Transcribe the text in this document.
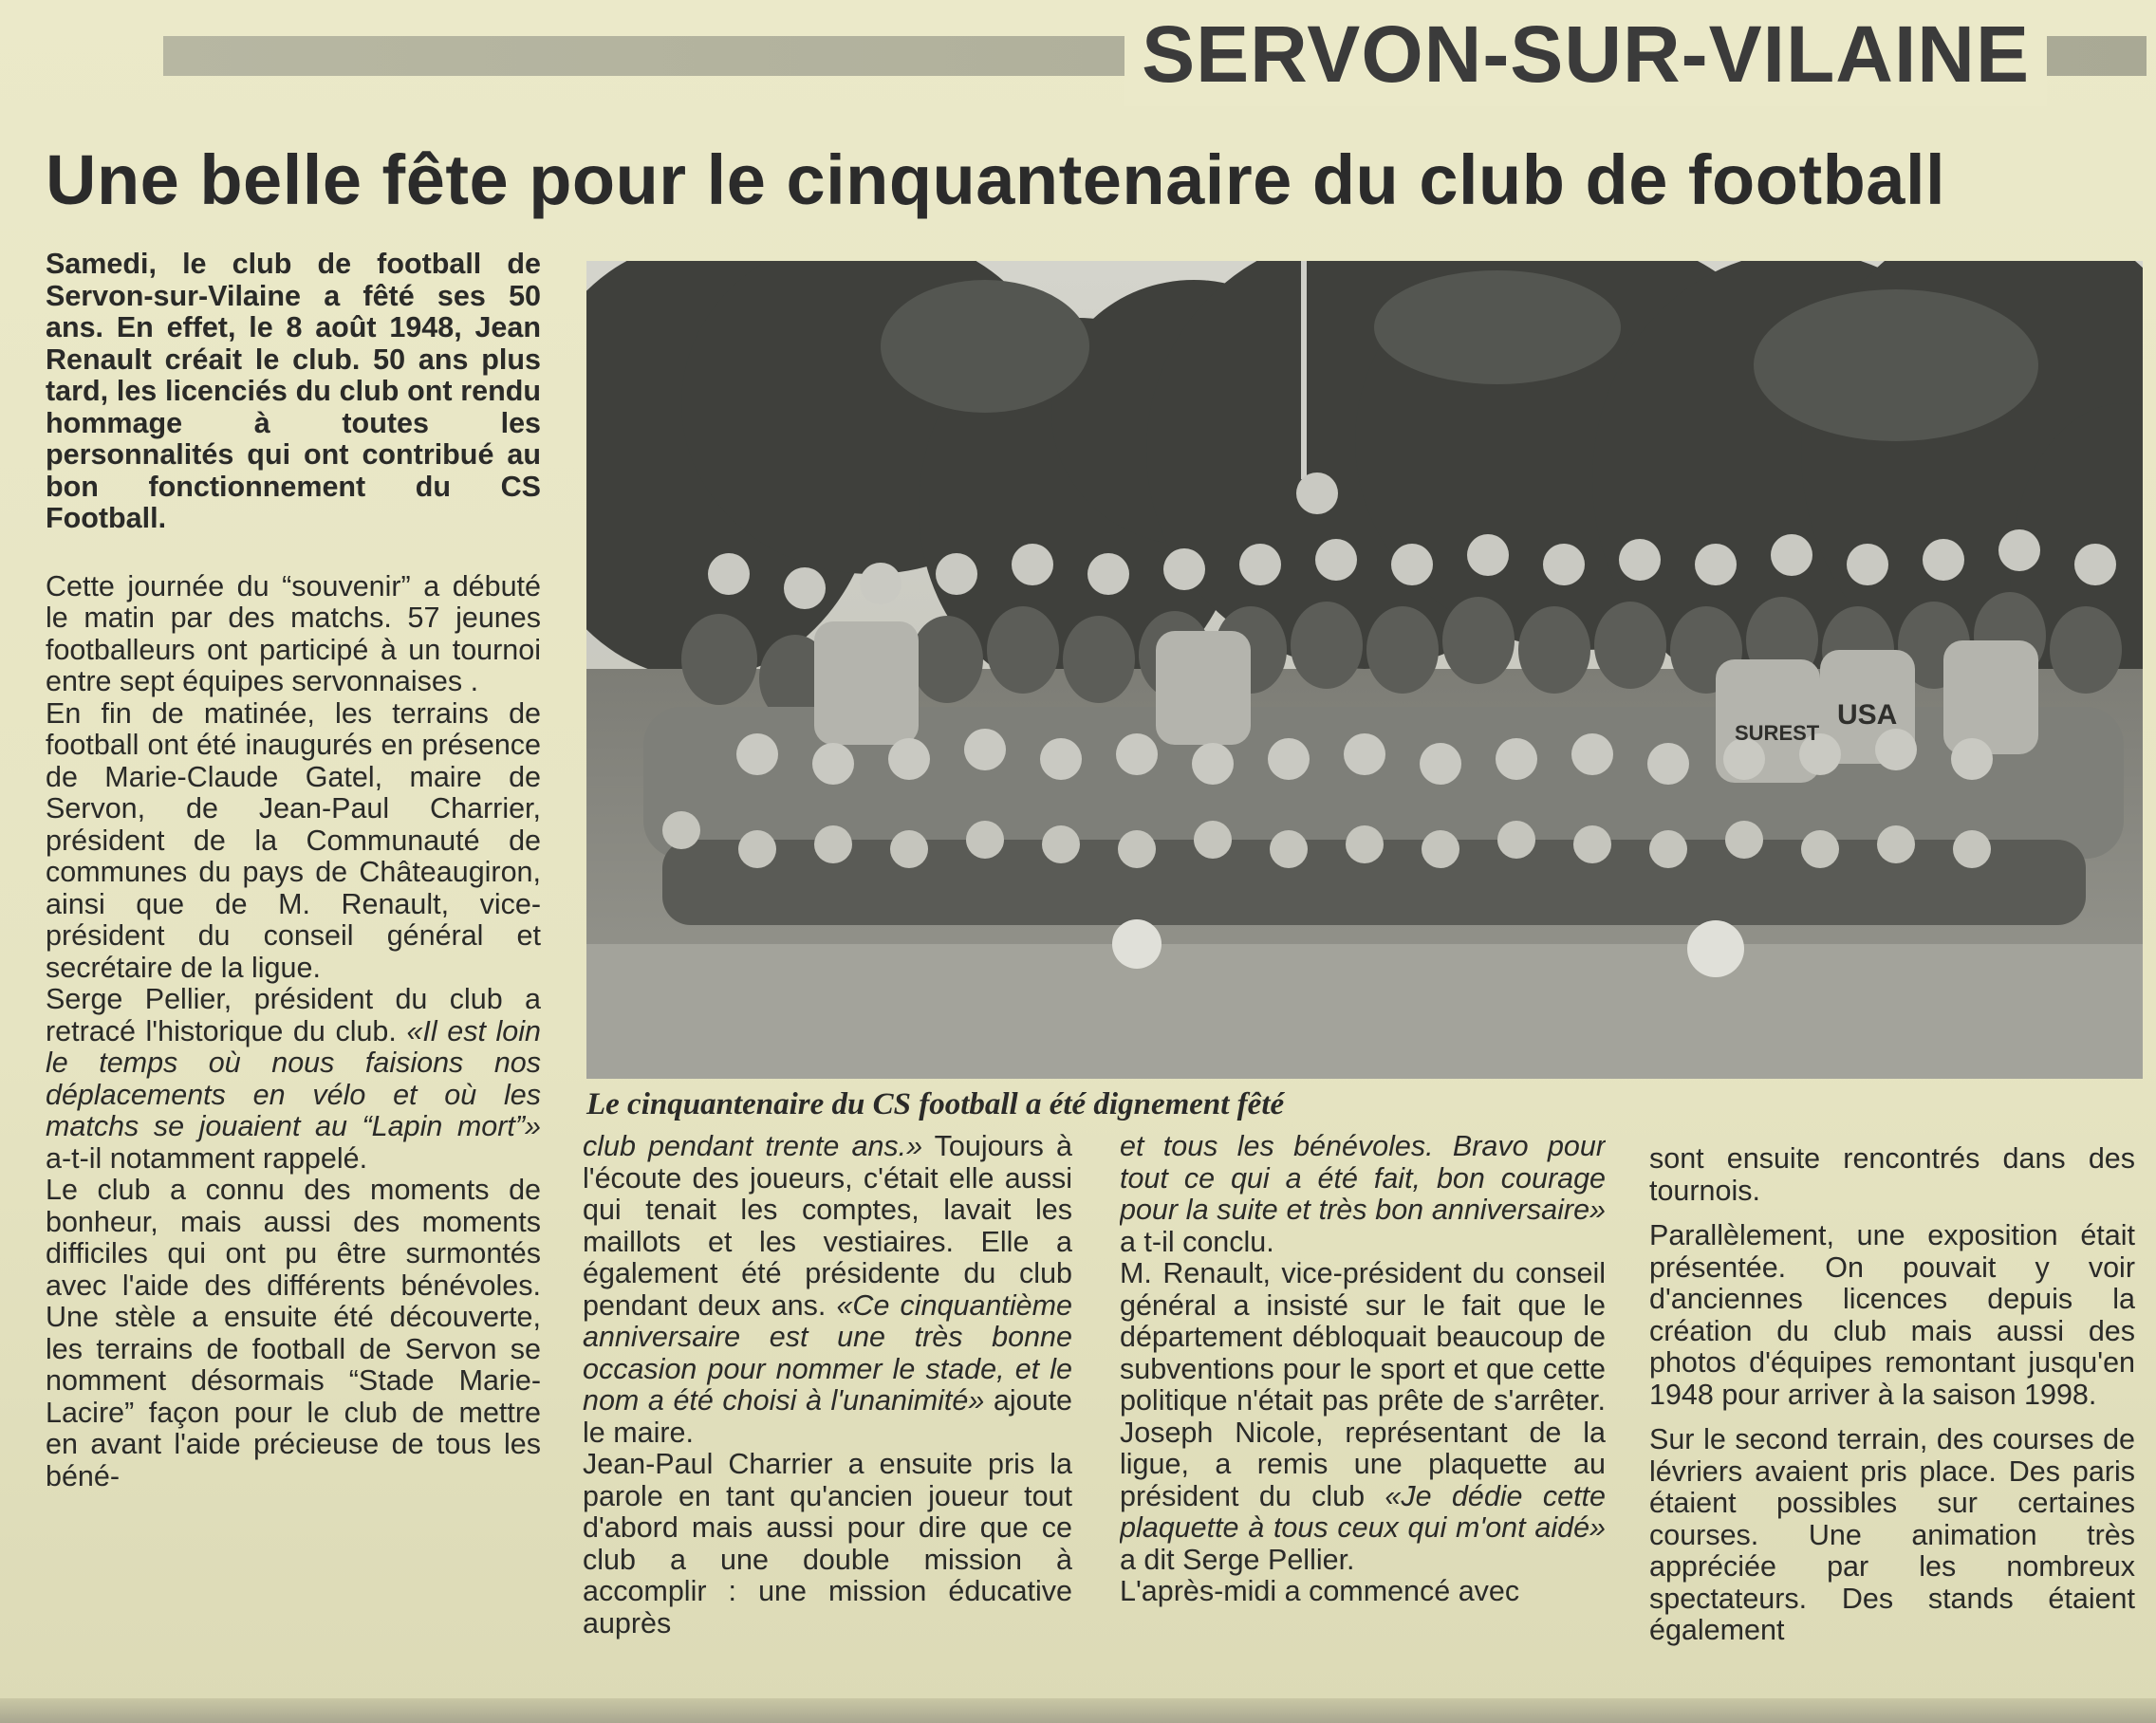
SERVON-SUR-VILAINE
Une belle fête pour le cinquantenaire du club de football

Samedi, le club de football de Servon-sur-Vilaine a fêté ses 50 ans. En effet, le 8 août 1948, Jean Renault créait le club. 50 ans plus tard, les licenciés du club ont rendu hommage à toutes les personnalités qui ont contribué au bon fonctionnement du CS Football.

Cette journée du “souvenir” a débuté le matin par des matchs. 57 jeunes footballeurs ont participé à un tournoi entre sept équipes servonnaises .

En fin de matinée, les terrains de football ont été inaugurés en présence de Marie-Claude Gatel, maire de Servon, de Jean-Paul Charrier, président de la Communauté de communes du pays de Châteaugiron, ainsi que de M. Renault, vice-président du conseil général et secrétaire de la ligue.

Serge Pellier, président du club a retracé l'historique du club. «Il est loin le temps où nous faisions nos déplacements en vélo et où les matchs se jouaient au “Lapin mort”» a-t-il notamment rappelé.

Le club a connu des moments de bonheur, mais aussi des moments difficiles qui ont pu être surmontés avec l'aide des différents bénévoles. Une stèle a ensuite été découverte, les terrains de football de Servon se nomment désormais “Stade Marie-Lacire” façon pour le club de mettre en avant l'aide précieuse de tous les béné-

SUREST
USA
Le cinquantenaire du CS football a été dignement fêté

club pendant trente ans.» Toujours à l'écoute des joueurs, c'était elle aussi qui tenait les comptes, lavait les maillots et les vestiaires. Elle a également été présidente du club pendant deux ans. «Ce cinquantième anniversaire est une très bonne occasion pour nommer le stade, et le nom a été choisi à l'unanimité» ajoute le maire.

Jean-Paul Charrier a ensuite pris la parole en tant qu'ancien joueur tout d'abord mais aussi pour dire que ce club a une double mission à accomplir : une mission éducative auprès

et tous les bénévoles. Bravo pour tout ce qui a été fait, bon courage pour la suite et très bon anniversaire» a t-il conclu.

M. Renault, vice-président du conseil général a insisté sur le fait que le département débloquait beaucoup de subventions pour le sport et que cette politique n'était pas prête de s'arrêter. Joseph Nicole, représentant de la ligue, a remis une plaquette au président du club «Je dédie cette plaquette à tous ceux qui m'ont aidé» a dit Serge Pellier.

L'après-midi a commencé avec

sont ensuite rencontrés dans des tournois.

Parallèlement, une exposition était présentée. On pouvait y voir d'anciennes licences depuis la création du club mais aussi des photos d'équipes remontant jusqu'en 1948 pour arriver à la saison 1998.

Sur le second terrain, des courses de lévriers avaient pris place. Des paris étaient possibles sur certaines courses. Une animation très appréciée par les nombreux spectateurs. Des stands étaient également
